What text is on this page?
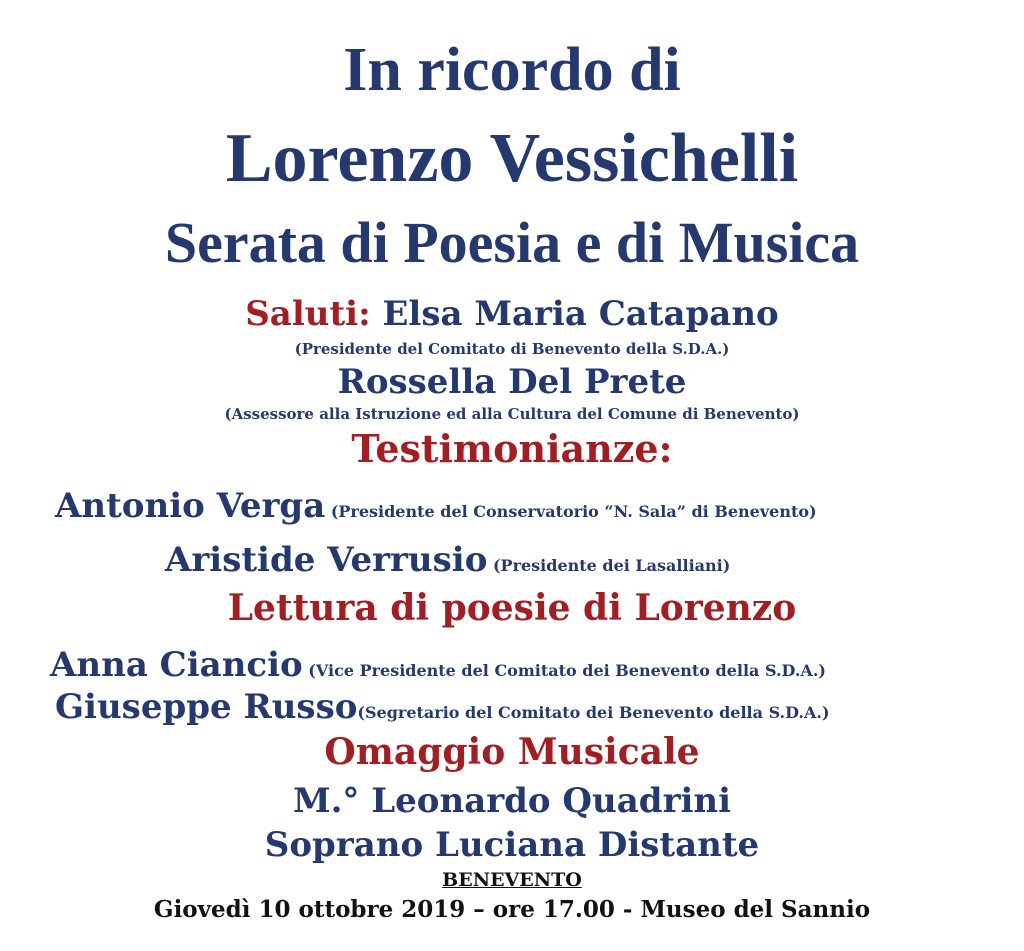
In ricordo di
Lorenzo Vessichelli
Serata di Poesia e di Musica
Saluti: Elsa Maria Catapano
(Presidente del Comitato di Benevento della S.D.A.)
Rossella Del Prete
(Assessore alla Istruzione ed alla Cultura del Comune di Benevento)
Testimonianze:
Antonio Verga (Presidente del Conservatorio “N. Sala” di Benevento)
Aristide Verrusio (Presidente dei Lasalliani)
Lettura di poesie di Lorenzo
Anna Ciancio (Vice Presidente del Comitato dei Benevento della S.D.A.)
Giuseppe Russo(Segretario del Comitato dei Benevento della S.D.A.)
Omaggio Musicale
M.° Leonardo Quadrini
Soprano Luciana Distante
BENEVENTO
Giovedì 10 ottobre 2019 – ore 17.00 - Museo del Sannio
